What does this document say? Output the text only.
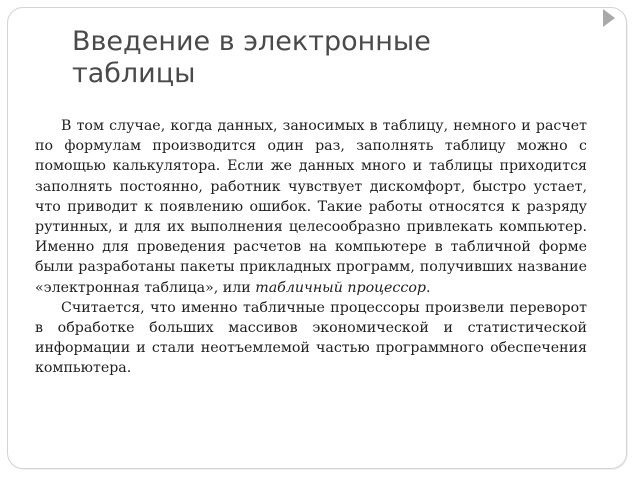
Введение в электронные таблицы

В том случае, когда данных, заносимых в таблицу, немного и расчет по формулам производится один раз, заполнять таблицу можно с помощью калькулятора. Если же данных много и таблицы приходится заполнять постоянно, работник чувствует дискомфорт, быстро устает, что приводит к появлению ошибок. Такие работы относятся к разряду рутинных, и для их выполнения целесообразно привлекать компьютер. Именно для проведения расчетов на компьютере в табличной форме были разработаны пакеты прикладных программ, получивших название «электронная таблица», или табличный процессор.

Считается, что именно табличные процессоры произвели переворот в обработке больших массивов экономической и статистической информации и стали неотъемлемой частью программного обеспечения компьютера.
